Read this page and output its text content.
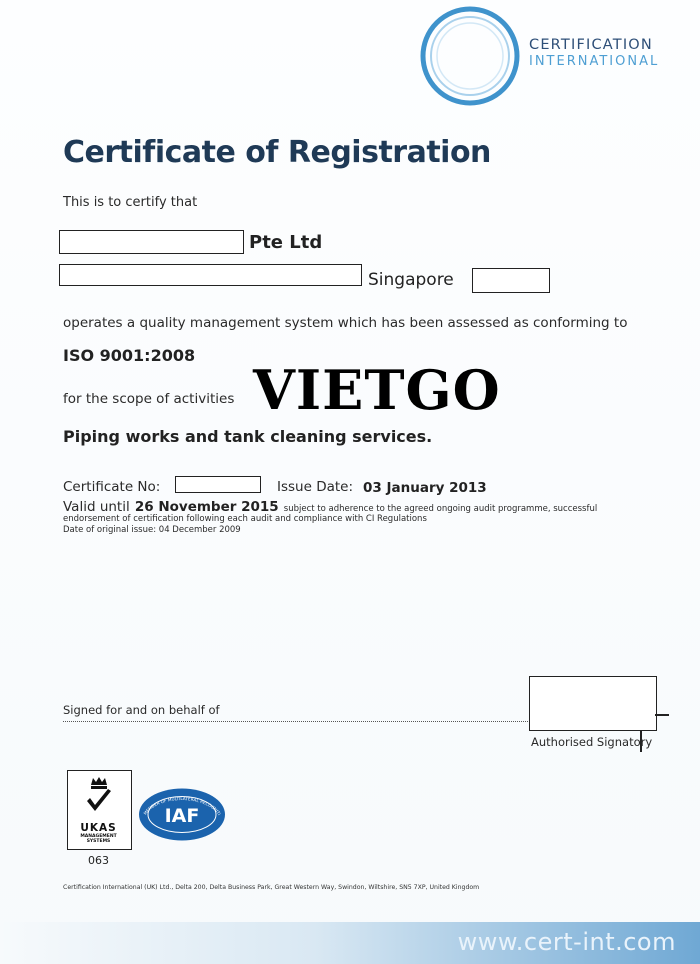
CERTIFICATION
INTERNATIONAL
Certificate of Registration
This is to certify that
Pte Ltd
Singapore
operates a quality management system which has been assessed as conforming to
ISO 9001:2008
for the scope of activities VIETGO
Piping works and tank cleaning services.
Certificate No:	Issue Date: 03 January 2013
Valid until 26 November 2015 subject to adherence to the agreed ongoing audit programme, successful
endorsement of certification following each audit and compliance with CI Regulations
Date of original issue: 04 December 2009
Signed for and on behalf of
Authorised Signatory
UKAS
MANAGEMENT
SYSTEMS
063
MEMBER OF MULTILATERAL RECOGNITI
IAF
Certification International (UK) Ltd., Delta 200, Delta Business Park, Great Western Way, Swindon, Wiltshire, SN5 7XP, United Kingdom
www.cert-int.com
